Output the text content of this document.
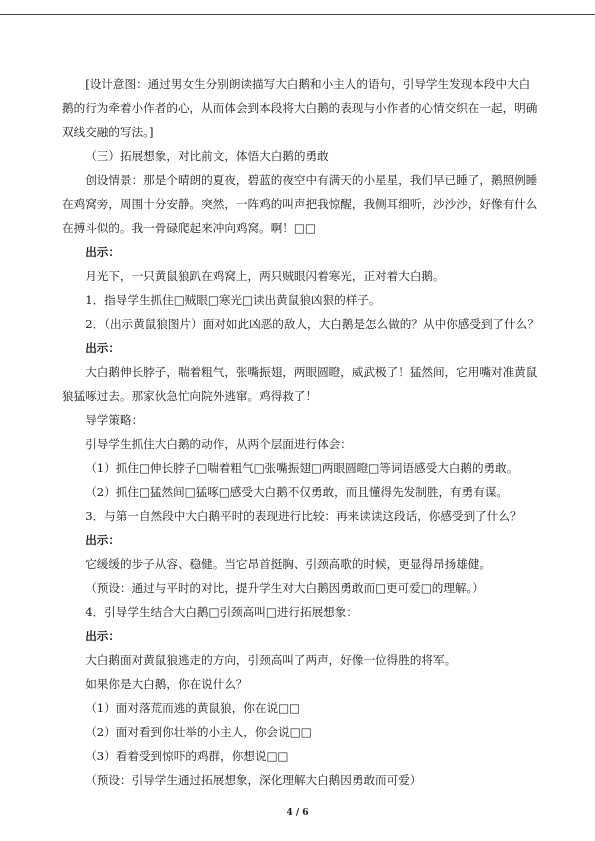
[设计意图：通过男女生分别朗读描写大白鹅和小主人的语句，引导学生发现本段中大白鹅的行为牵着小作者的心，从而体会到本段将大白鹅的表现与小作者的心情交织在一起，明确双线交融的写法。]

（三）拓展想象，对比前文，体悟大白鹅的勇敢

创设情景：那是个晴朗的夏夜，碧蓝的夜空中有满天的小星星，我们早已睡了，鹅照例睡在鸡窝旁，周围十分安静。突然，一阵鸡的叫声把我惊醒，我侧耳细听，沙沙沙，好像有什么在搏斗似的。我一骨碌爬起来冲向鸡窝。啊！□□

出示：

月光下，一只黄鼠狼趴在鸡窝上，两只贼眼闪着寒光，正对着大白鹅。

1．指导学生抓住□贼眼□寒光□读出黄鼠狼凶狠的样子。

2．（出示黄鼠狼图片）面对如此凶恶的敌人，大白鹅是怎么做的？从中你感受到了什么？

出示：

大白鹅伸长脖子，喘着粗气，张嘴振翅，两眼圆瞪，威武极了！猛然间，它用嘴对准黄鼠狼猛啄过去。那家伙急忙向院外逃窜。鸡得救了！

导学策略：

引导学生抓住大白鹅的动作，从两个层面进行体会：

（1）抓住□伸长脖子□喘着粗气□张嘴振翅□两眼圆瞪□等词语感受大白鹅的勇敢。

（2）抓住□猛然间□猛啄□感受大白鹅不仅勇敢，而且懂得先发制胜，有勇有谋。

3．与第一自然段中大白鹅平时的表现进行比较：再来读读这段话，你感受到了什么？

出示：

它缓缓的步子从容、稳健。当它昂首挺胸、引颈高歌的时候，更显得昂扬雄健。

（预设：通过与平时的对比，提升学生对大白鹅因勇敢而□更可爱□的理解。）

4．引导学生结合大白鹅□引颈高叫□进行拓展想象：

出示：

大白鹅面对黄鼠狼逃走的方向，引颈高叫了两声，好像一位得胜的将军。

如果你是大白鹅，你在说什么？

（1）面对落荒而逃的黄鼠狼，你在说□□

（2）面对看到你壮举的小主人，你会说□□

（3）看着受到惊吓的鸡群，你想说□□

（预设：引导学生通过拓展想象，深化理解大白鹅因勇敢而可爱）

4 / 6
